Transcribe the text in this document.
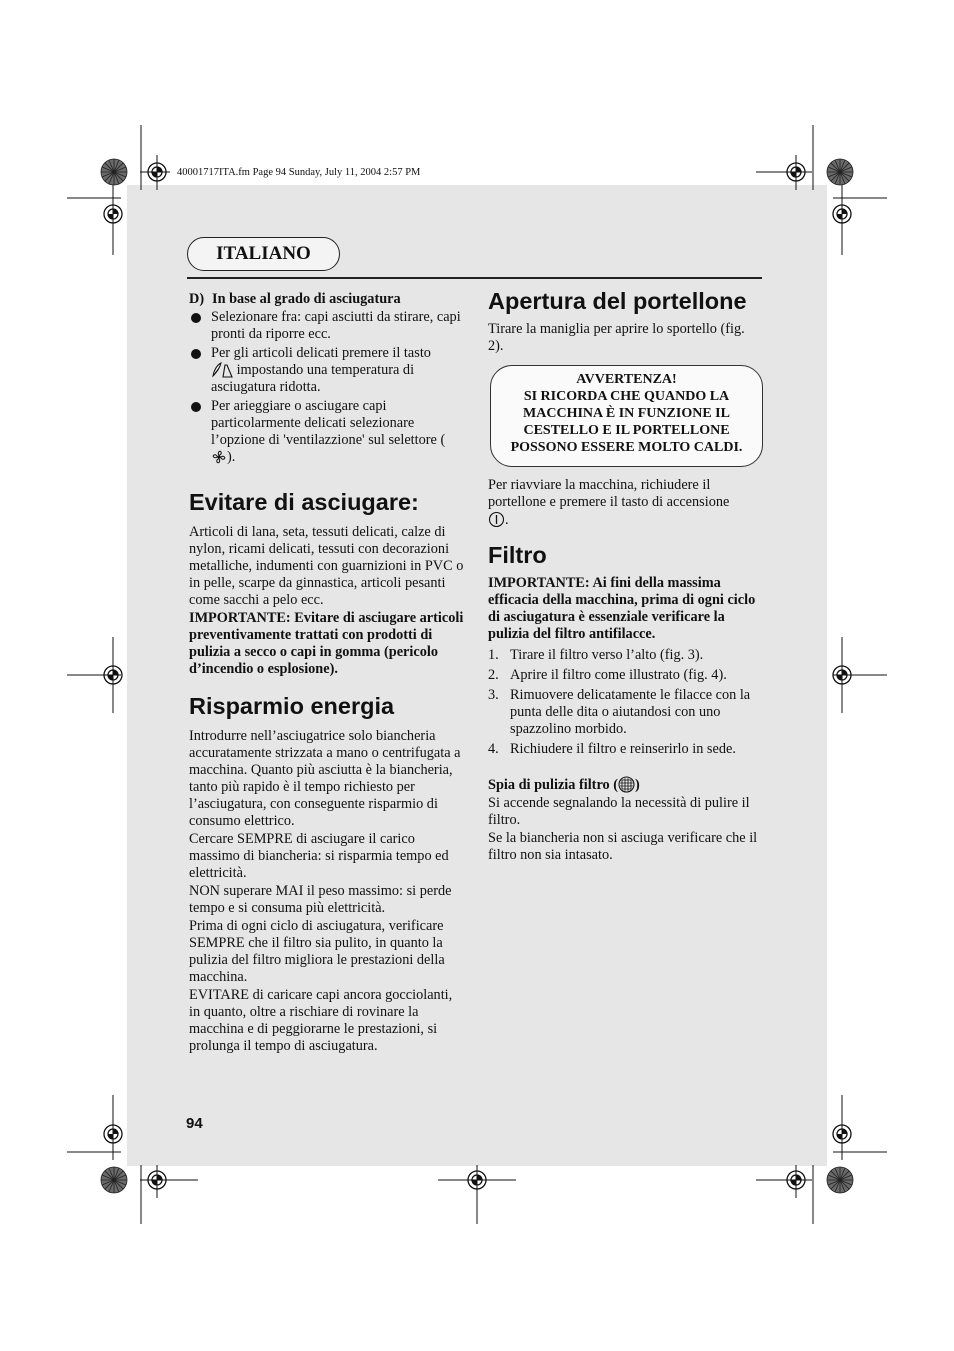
40001717ITA.fm Page 94 Sunday, July 11, 2004 2:57 PM
ITALIANO
D) In base al grado di asciugatura
Selezionare fra: capi asciutti da stirare, capi pronti da riporre ecc.
Per gli articoli delicati premere il tasto
impostando una temperatura di asciugatura ridotta.
Per arieggiare o asciugare capi particolarmente delicati selezionare l’opzione di 'ventilazzione' sul selettore ( ).
Evitare di asciugare:

Articoli di lana, seta, tessuti delicati, calze di nylon, ricami delicati, tessuti con decorazioni metalliche, indumenti con guarnizioni in PVC o in pelle, scarpe da ginnastica, articoli pesanti come sacchi a pelo ecc.

IMPORTANTE: Evitare di asciugare articoli preventivamente trattati con prodotti di pulizia a secco o capi in gomma (pericolo d’incendio o esplosione).

Risparmio energia

Introdurre nell’asciugatrice solo biancheria accuratamente strizzata a mano o centrifugata a macchina. Quanto più asciutta è la biancheria, tanto più rapido è il tempo richiesto per l’asciugatura, con conseguente risparmio di consumo elettrico.

Cercare SEMPRE di asciugare il carico massimo di biancheria: si risparmia tempo ed elettricità.

NON superare MAI il peso massimo: si perde tempo e si consuma più elettricità.

Prima di ogni ciclo di asciugatura, verificare SEMPRE che il filtro sia pulito, in quanto la pulizia del filtro migliora le prestazioni della macchina.

EVITARE di caricare capi ancora gocciolanti, in quanto, oltre a rischiare di rovinare la macchina e di peggiorarne le prestazioni, si prolunga il tempo di asciugatura.

Apertura del portellone

Tirare la maniglia per aprire lo sportello (fig. 2).

AVVERTENZA!
SI RICORDA CHE QUANDO LA MACCHINA È IN FUNZIONE IL CESTELLO E IL PORTELLONE POSSONO ESSERE MOLTO CALDI.

Per riavviare la macchina, richiudere il portellone e premere il tasto di accensione
.

Filtro

IMPORTANTE: Ai fini della massima efficacia della macchina, prima di ogni ciclo di asciugatura è essenziale verificare la pulizia del filtro antifilacce.

1. Tirare il filtro verso l’alto (fig. 3).
2. Aprire il filtro come illustrato (fig. 4).
3. Rimuovere delicatamente le filacce con la punta delle dita o aiutandosi con uno spazzolino morbido.
4. Richiudere il filtro e reinserirlo in sede.
Spia di pulizia filtro ( )

Si accende segnalando la necessità di pulire il filtro.

Se la biancheria non si asciuga verificare che il filtro non sia intasato.

94
